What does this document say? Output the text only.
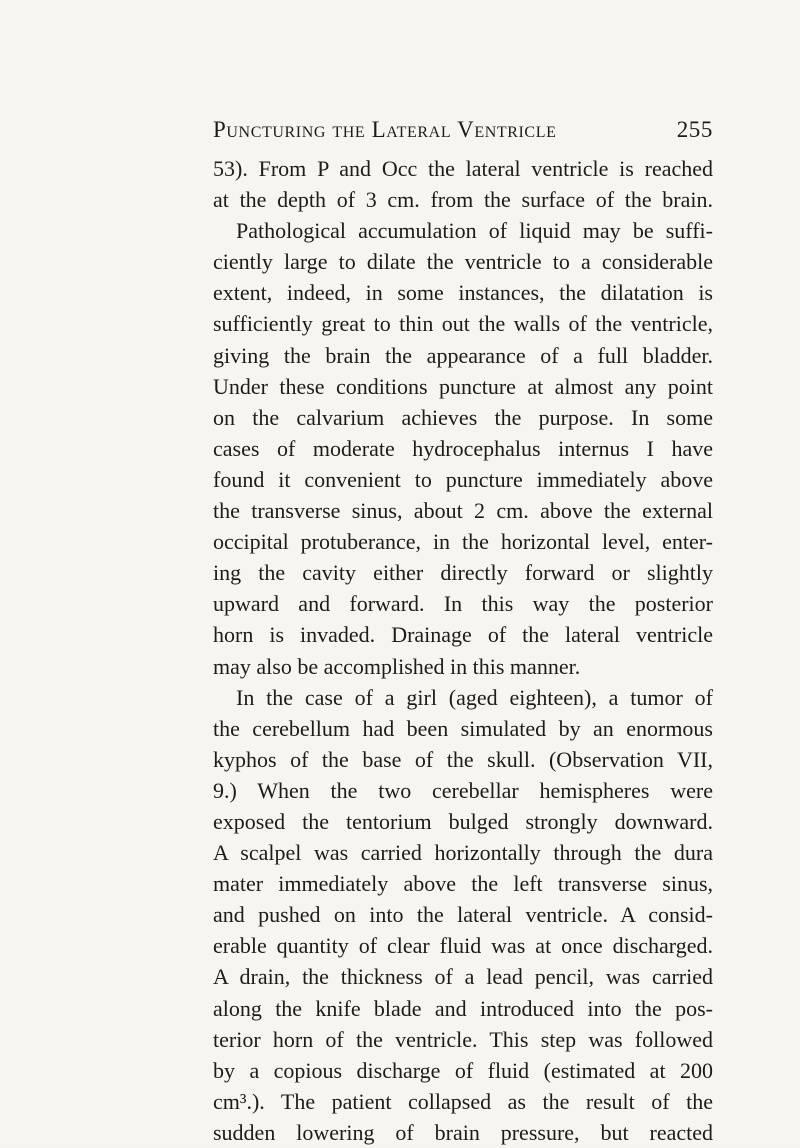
Puncturing the Lateral Ventricle	255
53). From P and Occ the lateral ventricle is reached
at the depth of 3 cm. from the surface of the brain.
Pathological accumulation of liquid may be suffi-
ciently large to dilate the ventricle to a considerable
extent, indeed, in some instances, the dilatation is
sufficiently great to thin out the walls of the ventricle,
giving the brain the appearance of a full bladder.
Under these conditions puncture at almost any point
on the calvarium achieves the purpose. In some
cases of moderate hydrocephalus internus I have
found it convenient to puncture immediately above
the transverse sinus, about 2 cm. above the external
occipital protuberance, in the horizontal level, enter-
ing the cavity either directly forward or slightly
upward and forward. In this way the posterior
horn is invaded. Drainage of the lateral ventricle
may also be accomplished in this manner.
In the case of a girl (aged eighteen), a tumor of
the cerebellum had been simulated by an enormous
kyphos of the base of the skull. (Observation VII,
9.) When the two cerebellar hemispheres were
exposed the tentorium bulged strongly downward.
A scalpel was carried horizontally through the dura
mater immediately above the left transverse sinus,
and pushed on into the lateral ventricle. A consid-
erable quantity of clear fluid was at once discharged.
A drain, the thickness of a lead pencil, was carried
along the knife blade and introduced into the pos-
terior horn of the ventricle. This step was followed
by a copious discharge of fluid (estimated at 200
cm³.). The patient collapsed as the result of the
sudden lowering of brain pressure, but reacted
